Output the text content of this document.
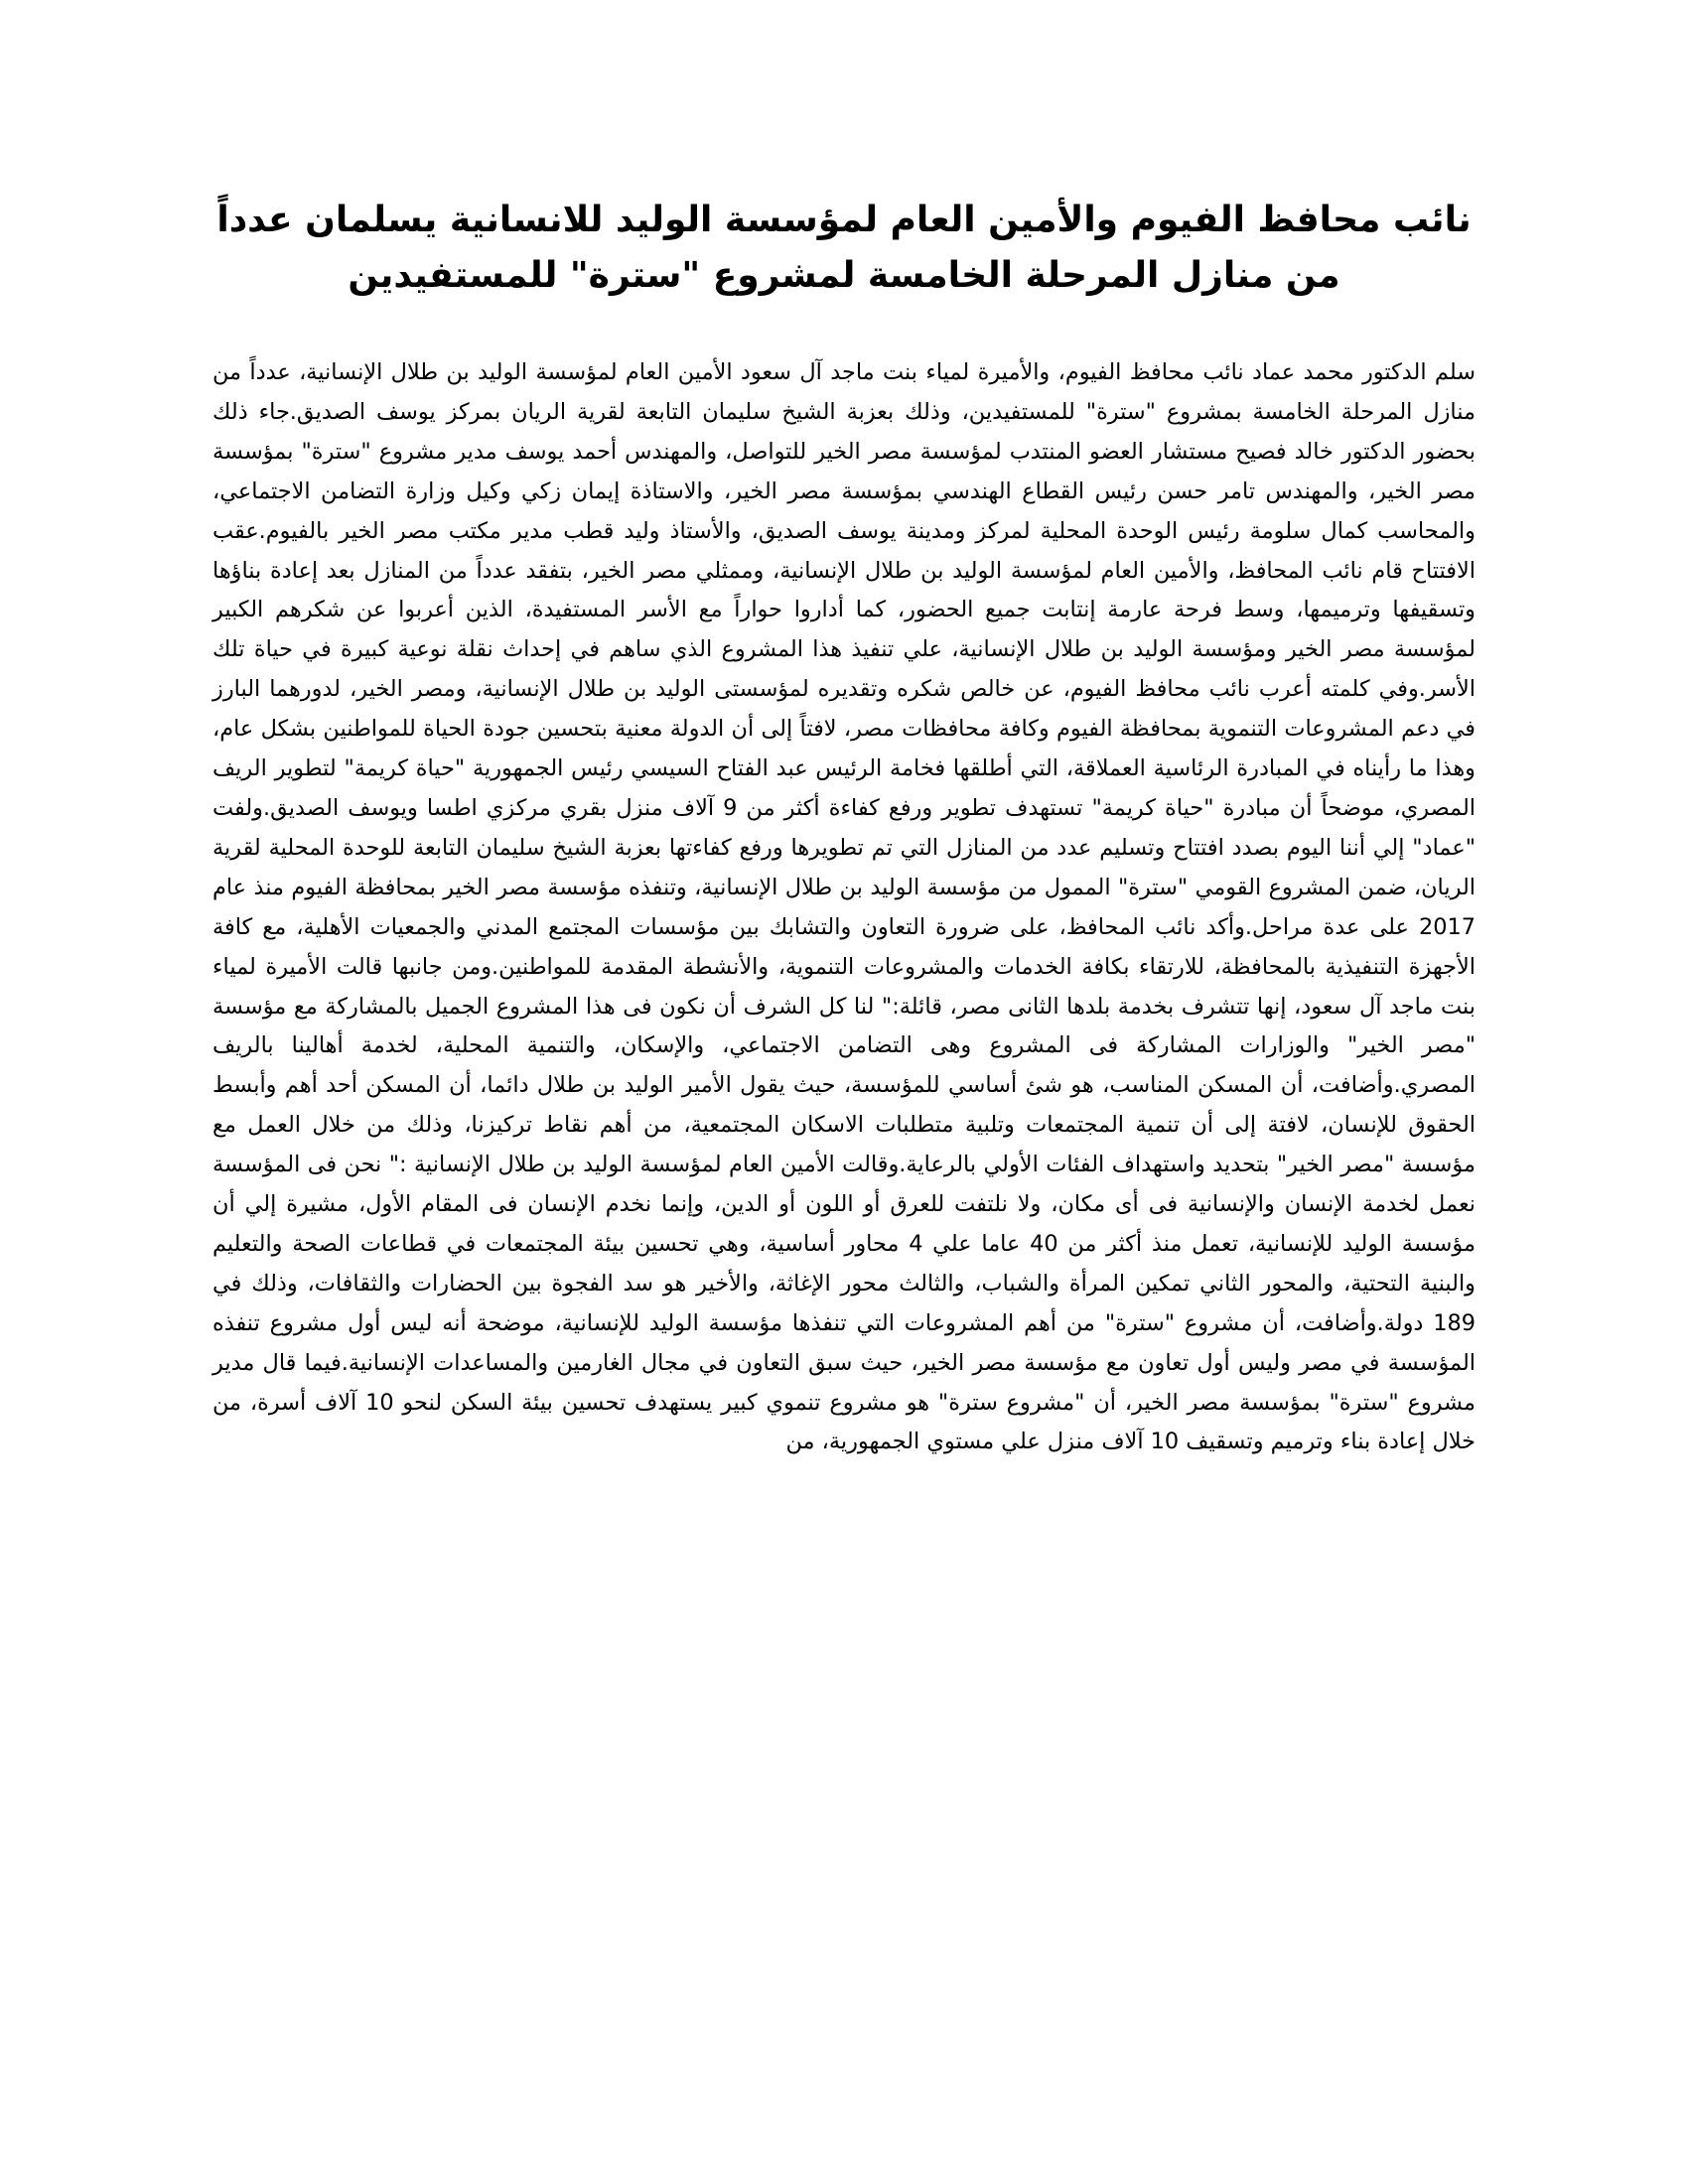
نائب محافظ الفيوم والأمين العام لمؤسسة الوليد للانسانية يسلمان عدداً من منازل المرحلة الخامسة لمشروع "سترة" للمستفيدين

سلم الدكتور محمد عماد نائب محافظ الفيوم، والأميرة لمياء بنت ماجد آل سعود الأمين العام لمؤسسة الوليد بن طلال الإنسانية، عدداً من منازل المرحلة الخامسة بمشروع "سترة" للمستفيدين، وذلك بعزبة الشيخ سليمان التابعة لقرية الريان بمركز يوسف الصديق.جاء ذلك بحضور الدكتور خالد فصيح مستشار العضو المنتدب لمؤسسة مصر الخير للتواصل، والمهندس أحمد يوسف مدير مشروع "سترة" بمؤسسة مصر الخير، والمهندس تامر حسن رئيس القطاع الهندسي بمؤسسة مصر الخير، والاستاذة إيمان زكي وكيل وزارة التضامن الاجتماعي، والمحاسب كمال سلومة رئيس الوحدة المحلية لمركز ومدينة يوسف الصديق، والأستاذ وليد قطب مدير مكتب مصر الخير بالفيوم.عقب الافتتاح قام نائب المحافظ، والأمين العام لمؤسسة الوليد بن طلال الإنسانية، وممثلي مصر الخير، بتفقد عدداً من المنازل بعد إعادة بناؤها وتسقيفها وترميمها، وسط فرحة عارمة إنتابت جميع الحضور، كما أداروا حواراً مع الأسر المستفيدة، الذين أعربوا عن شكرهم الكبير لمؤسسة مصر الخير ومؤسسة الوليد بن طلال الإنسانية، علي تنفيذ هذا المشروع الذي ساهم في إحداث نقلة نوعية كبيرة في حياة تلك الأسر.وفي كلمته أعرب نائب محافظ الفيوم، عن خالص شكره وتقديره لمؤسستى الوليد بن طلال الإنسانية، ومصر الخير، لدورهما البارز في دعم المشروعات التنموية بمحافظة الفيوم وكافة محافظات مصر، لافتاً إلى أن الدولة معنية بتحسين جودة الحياة للمواطنين بشكل عام، وهذا ما رأيناه في المبادرة الرئاسية العملاقة، التي أطلقها فخامة الرئيس عبد الفتاح السيسي رئيس الجمهورية "حياة كريمة" لتطوير الريف المصري، موضحاً أن مبادرة "حياة كريمة" تستهدف تطوير ورفع كفاءة أكثر من 9 آلاف منزل بقري مركزي اطسا ويوسف الصديق.ولفت "عماد" إلي أننا اليوم بصدد افتتاح وتسليم عدد من المنازل التي تم تطويرها ورفع كفاءتها بعزبة الشيخ سليمان التابعة للوحدة المحلية لقرية الريان، ضمن المشروع القومي "سترة" الممول من مؤسسة الوليد بن طلال الإنسانية، وتنفذه مؤسسة مصر الخير بمحافظة الفيوم منذ عام 2017 على عدة مراحل.وأكد نائب المحافظ، على ضرورة التعاون والتشابك بين مؤسسات المجتمع المدني والجمعيات الأهلية، مع كافة الأجهزة التنفيذية بالمحافظة، للارتقاء بكافة الخدمات والمشروعات التنموية، والأنشطة المقدمة للمواطنين.ومن جانبها قالت الأميرة لمياء بنت ماجد آل سعود، إنها تتشرف بخدمة بلدها الثانى مصر، قائلة:" لنا كل الشرف أن نكون فى هذا المشروع الجميل بالمشاركة مع مؤسسة "مصر الخير" والوزارات المشاركة فى المشروع وهى التضامن الاجتماعي، والإسكان، والتنمية المحلية، لخدمة أهالينا بالريف المصري.وأضافت، أن المسكن المناسب، هو شئ أساسي للمؤسسة، حيث يقول الأمير الوليد بن طلال دائما، أن المسكن أحد أهم وأبسط الحقوق للإنسان، لافتة إلى أن تنمية المجتمعات وتلبية متطلبات الاسكان المجتمعية، من أهم نقاط تركيزنا، وذلك من خلال العمل مع مؤسسة "مصر الخير" بتحديد واستهداف الفئات الأولي بالرعاية.وقالت الأمين العام لمؤسسة الوليد بن طلال الإنسانية :" نحن فى المؤسسة نعمل لخدمة الإنسان والإنسانية فى أى مكان، ولا نلتفت للعرق أو اللون أو الدين، وإنما نخدم الإنسان فى المقام الأول، مشيرة إلي أن مؤسسة الوليد للإنسانية، تعمل منذ أكثر من 40 عاما علي 4 محاور أساسية، وهي تحسين بيئة المجتمعات في قطاعات الصحة والتعليم والبنية التحتية، والمحور الثاني تمكين المرأة والشباب، والثالث محور الإغاثة، والأخير هو سد الفجوة بين الحضارات والثقافات، وذلك في 189 دولة.وأضافت، أن مشروع "سترة" من أهم المشروعات التي تنفذها مؤسسة الوليد للإنسانية، موضحة أنه ليس أول مشروع تنفذه المؤسسة في مصر وليس أول تعاون مع مؤسسة مصر الخير، حيث سبق التعاون في مجال الغارمين والمساعدات الإنسانية.فيما قال مدير مشروع "سترة" بمؤسسة مصر الخير، أن "مشروع سترة" هو مشروع تنموي كبير يستهدف تحسين بيئة السكن لنحو 10 آلاف أسرة، من خلال إعادة بناء وترميم وتسقيف 10 آلاف منزل علي مستوي الجمهورية، من
